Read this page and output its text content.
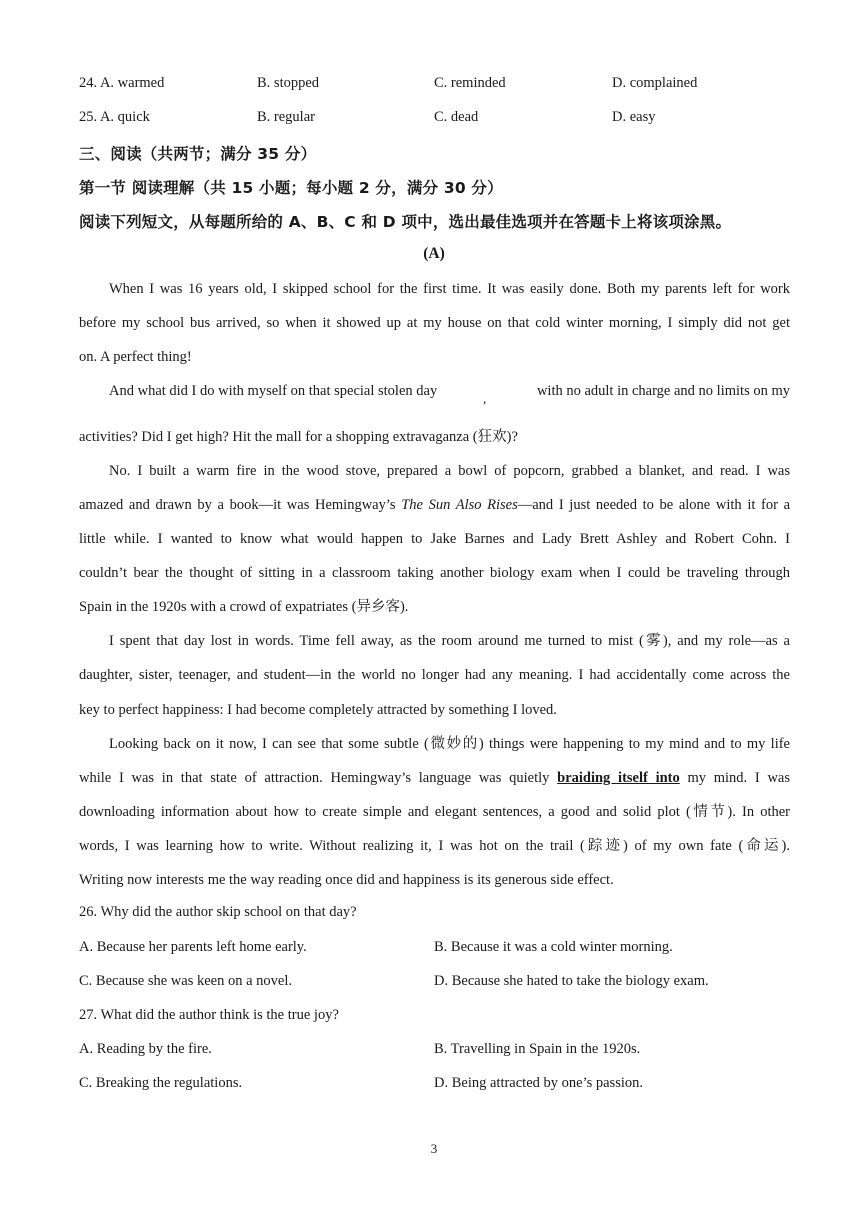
24. A. warmed	B. stopped	C. reminded	D. complained
25. A. quick	B. regular	C. dead	D. easy
三、阅读（共两节；满分 35 分）
第一节 阅读理解（共 15 小题；每小题 2 分，满分 30 分）
阅读下列短文，从每题所给的 A、B、C 和 D 项中，选出最佳选项并在答题卡上将该项涂黑。
(A)
When I was 16 years old, I skipped school for the first time. It was easily done. Both my parents left for work
before my school bus arrived, so when it showed up at my house on that cold winter morning, I simply did not get
on. A perfect thing!
And what did I do with myself on that special stolen day	,	with no adult in charge and no limits on my
activities? Did I get high? Hit the mall for a shopping extravaganza (狂欢)?
No. I built a warm fire in the wood stove, prepared a bowl of popcorn, grabbed a blanket, and read. I was
amazed and drawn by a book—it was Hemingway’s The Sun Also Rises—and I just needed to be alone with it for a
little while. I wanted to know what would happen to Jake Barnes and Lady Brett Ashley and Robert Cohn. I
couldn’t bear the thought of sitting in a classroom taking another biology exam when I could be traveling through
Spain in the 1920s with a crowd of expatriates (异乡客).
I spent that day lost in words. Time fell away, as the room around me turned to mist (雾), and my role—as a
daughter, sister, teenager, and student—in the world no longer had any meaning. I had accidentally come across the
key to perfect happiness: I had become completely attracted by something I loved.
Looking back on it now, I can see that some subtle (微妙的) things were happening to my mind and to my life
while I was in that state of attraction. Hemingway’s language was quietly braiding itself into my mind. I was
downloading information about how to create simple and elegant sentences, a good and solid plot (情节). In other
words, I was learning how to write. Without realizing it, I was hot on the trail (踪迹) of my own fate (命运).
Writing now interests me the way reading once did and happiness is its generous side effect.
26. Why did the author skip school on that day?
A. Because her parents left home early.	B. Because it was a cold winter morning.
C. Because she was keen on a novel.	D. Because she hated to take the biology exam.
27. What did the author think is the true joy?
A. Reading by the fire.	B. Travelling in Spain in the 1920s.
C. Breaking the regulations.	D. Being attracted by one’s passion.
3
